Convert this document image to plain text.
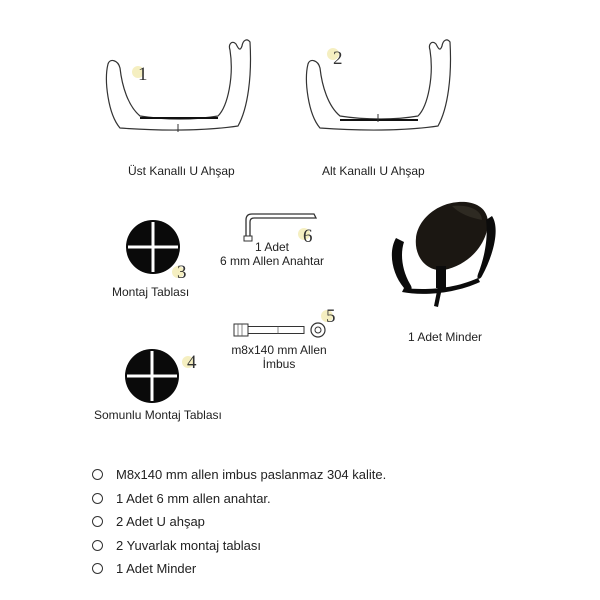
1
Üst Kanallı U Ahşap
2
Alt Kanallı U Ahşap
6
1 Adet
6 mm Allen Anahtar
3
Montaj Tablası
5
m8x140 mm Allen
İmbus
4
Somunlu Montaj Tablası
1 Adet Minder
M8x140 mm allen imbus paslanmaz 304 kalite.
1 Adet 6 mm allen anahtar.
2 Adet U ahşap
2 Yuvarlak montaj tablası
1 Adet Minder
